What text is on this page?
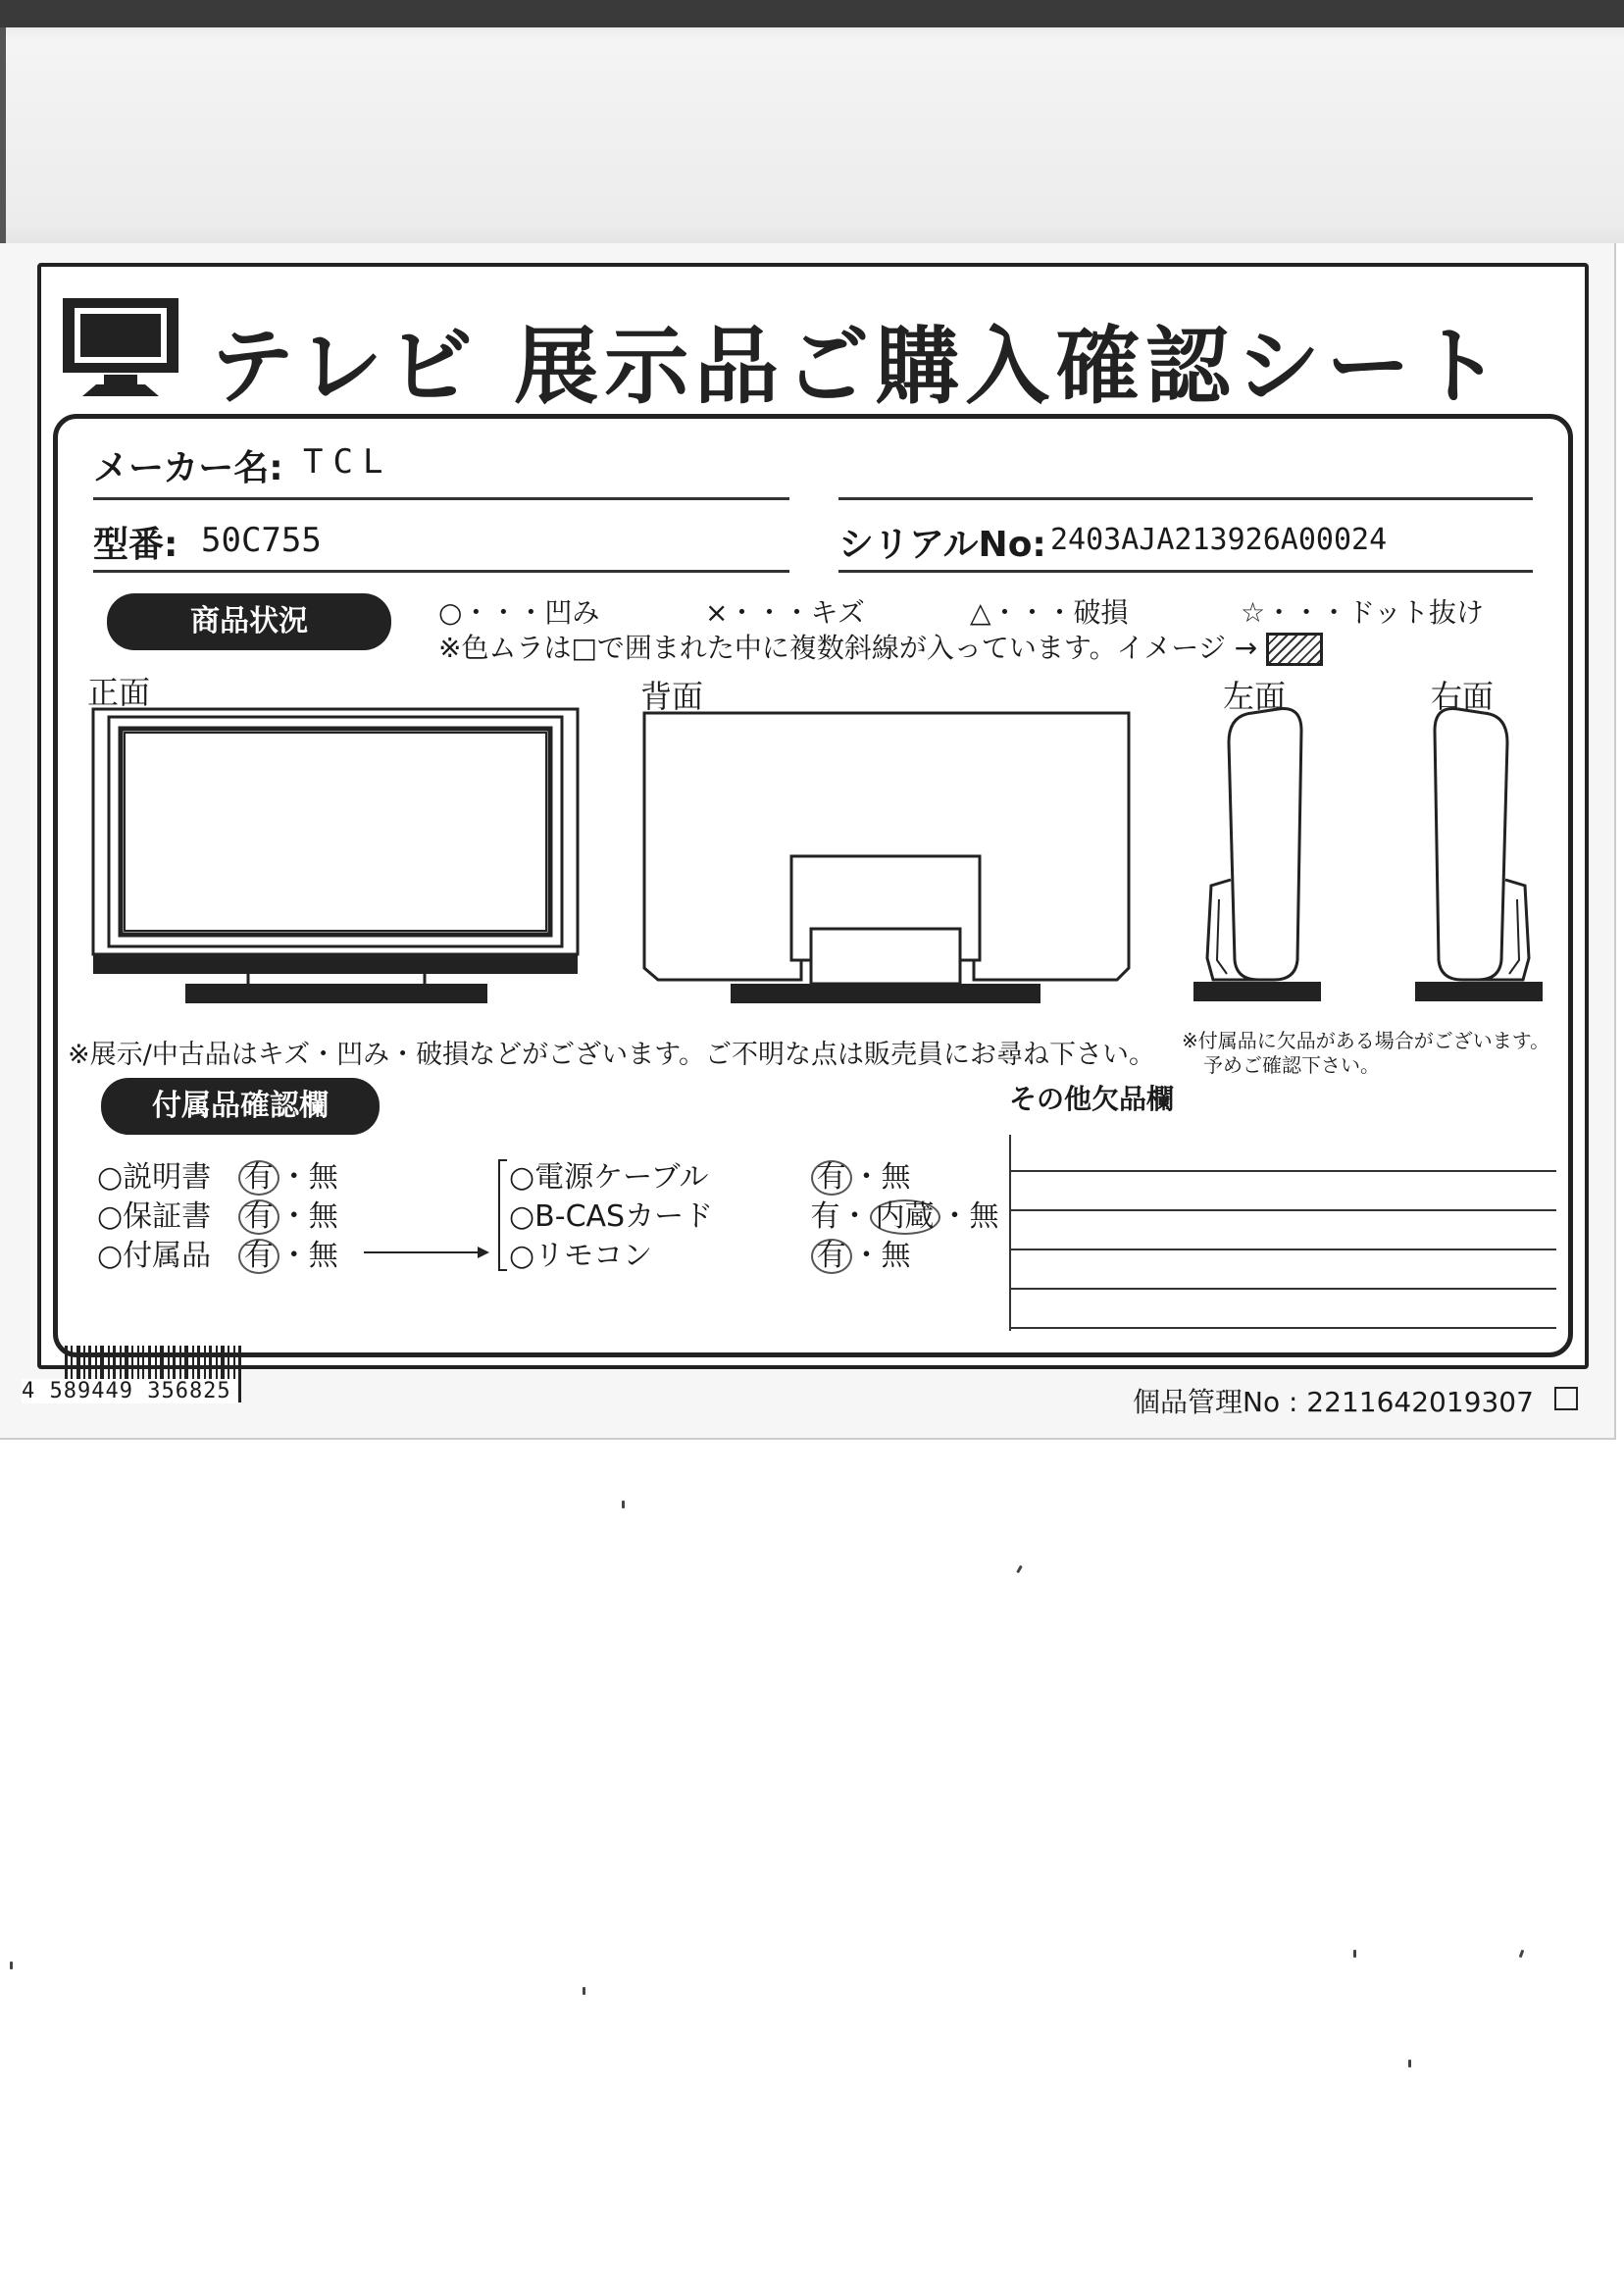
テレビ 展示品ご購入確認シート
メーカー名: TCL
型番: 50C755	シリアルNo: 2403AJA213926A00024
商品状況	○・・・凹み	×・・・キズ	△・・・破損	☆・・・ドット抜け
※色ムラは□で囲まれた中に複数斜線が入っています。イメージ →
正面	背面	左面	右面
※展示/中古品はキズ・凹み・破損などがございます。ご不明な点は販売員にお尋ね下さい。 ※付属品に欠品がある場合がございます。
予めご確認下さい。
付属品確認欄
○説明書 有 ・無
○保証書 有 ・無
○付属品 有 ・無
○電源ケーブル	有 ・無
○B-CASカード	有・ 内蔵 ・無
○リモコン	有 ・無
その他欠品欄
4 589449 356825	個品管理No : 2211642019307
